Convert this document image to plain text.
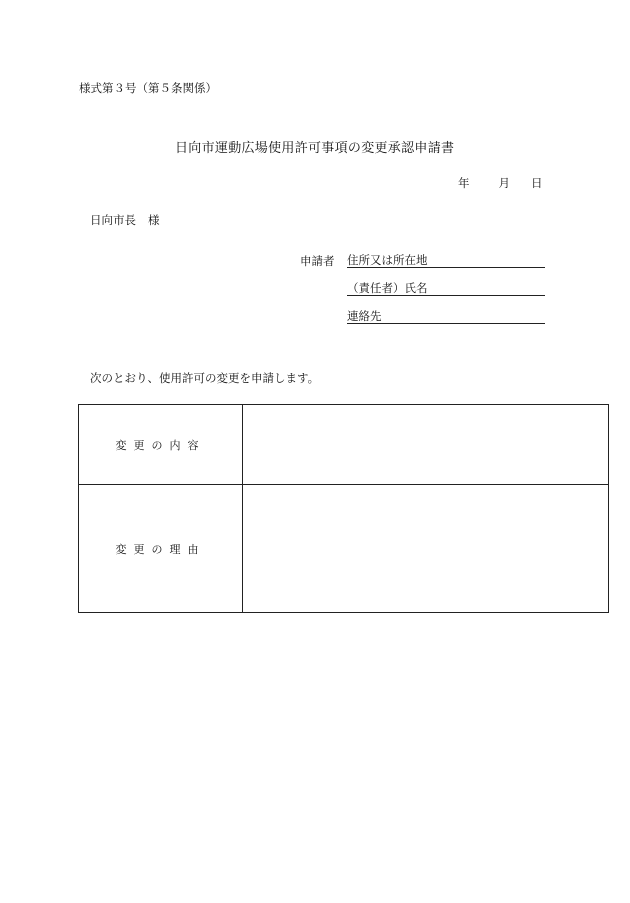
様式第３号（第５条関係）
日向市運動広場使用許可事項の変更承認申請書
年	月 日
日向市長 様
申請者 住所又は所在地
（責任者）氏名
連絡先
次のとおり、使用許可の変更を申請します。
変更の内容
変更の理由
